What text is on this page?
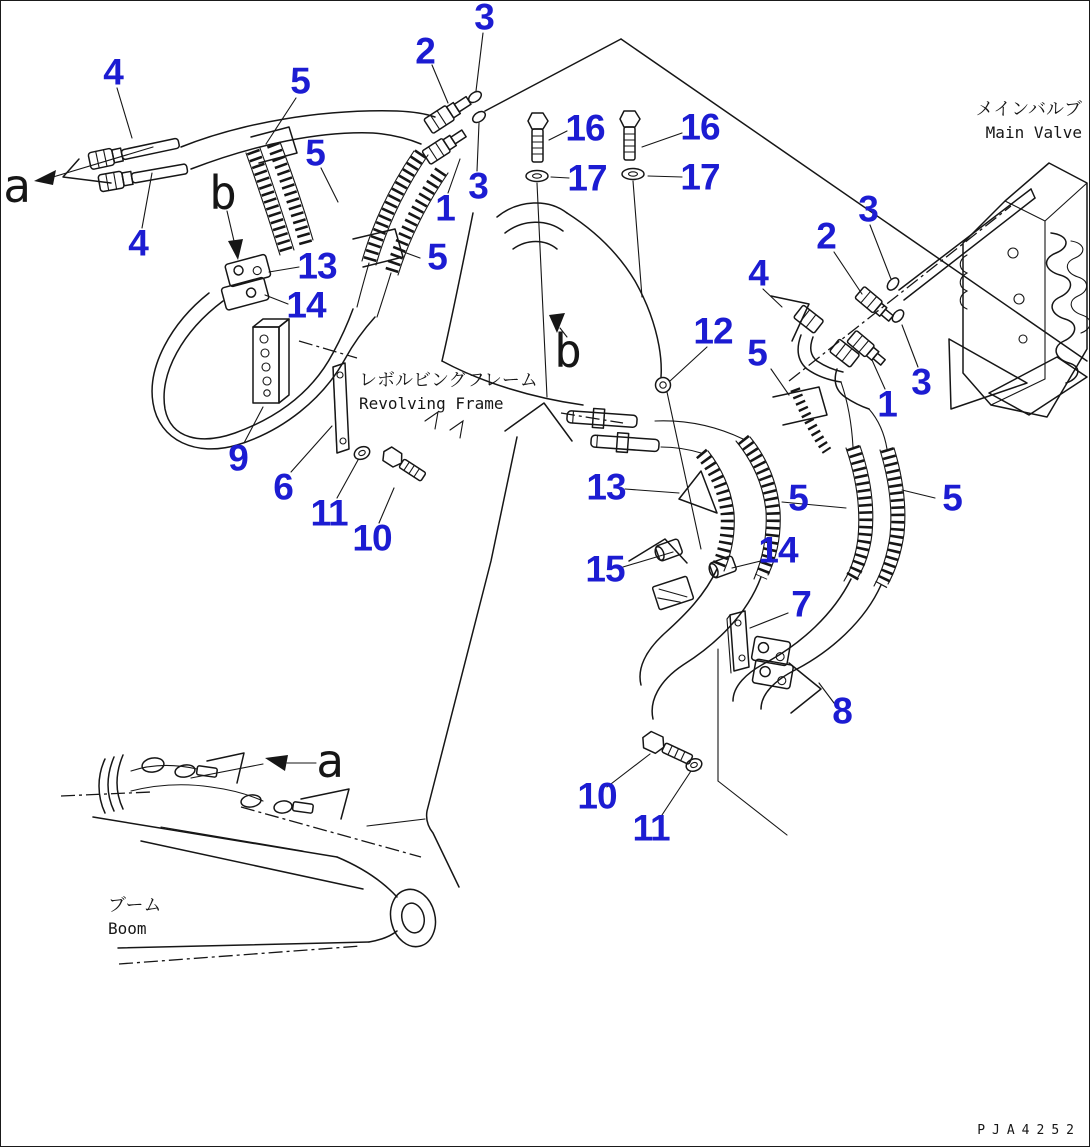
4	5
2
3
5
3
1
4
13
14
5
16 16
17 17
3
2
4
12
5
1
3
9
6
11
10
13	5	5
15	14
7
8
10
11
a	b
b
a
メインバルブ
Main Valve
レボルビングフレーム
Revolving Frame
ブーム
Boom
PJA4252
